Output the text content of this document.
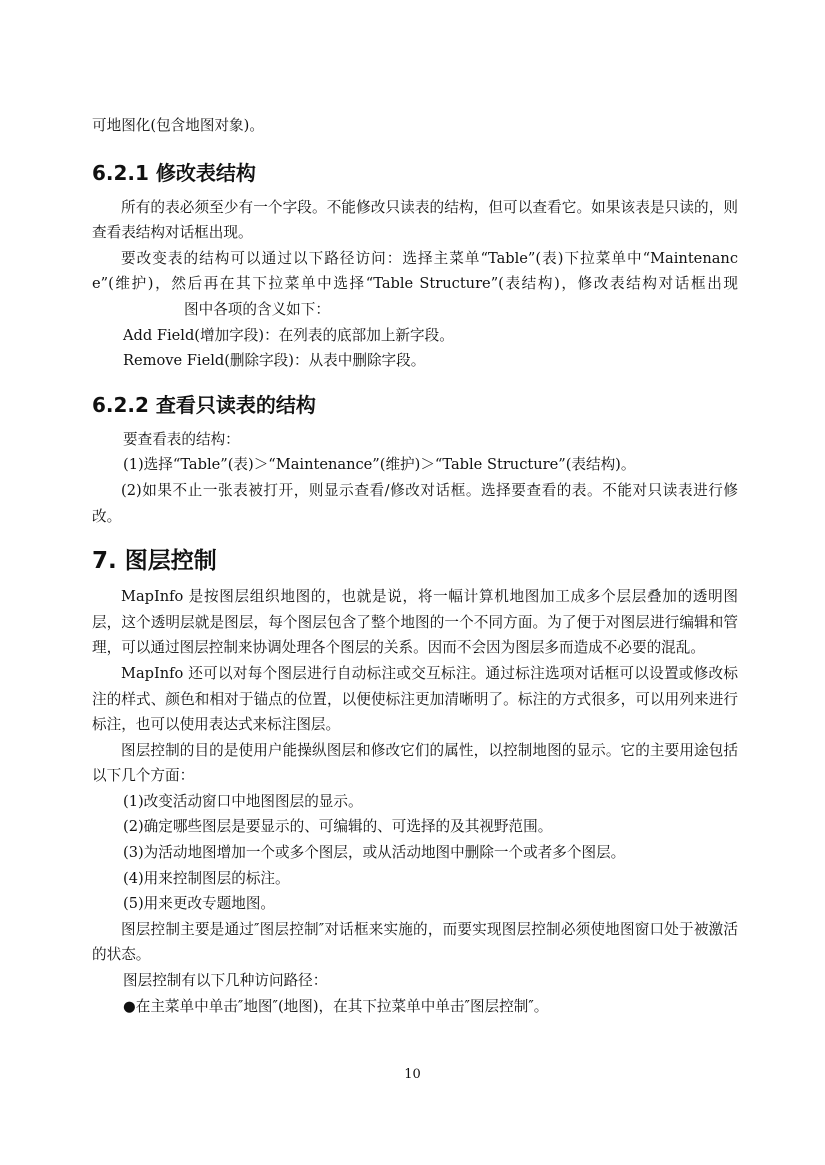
可地图化(包含地图对象)。

6.2.1 修改表结构

所有的表必须至少有一个字段。不能修改只读表的结构，但可以查看它。如果该表是只读的，则查看表结构对话框出现。

要改变表的结构可以通过以下路径访问：选择主菜单“Table”(表)下拉菜单中“Maintenance”(维护)，然后再在其下拉菜单中选择“Table Structure”(表结构)，修改表结构对话框出现图中各项的含义如下：

Add Field(增加字段)：在列表的底部加上新字段。

Remove Field(删除字段)：从表中删除字段。

6.2.2 查看只读表的结构

要查看表的结构：

(1)选择“Table”(表)＞“Maintenance”(维护)＞“Table Structure”(表结构)。

(2)如果不止一张表被打开，则显示查看/修改对话框。选择要查看的表。不能对只读表进行修改。

7. 图层控制

MapInfo 是按图层组织地图的，也就是说，将一幅计算机地图加工成多个层层叠加的透明图层，这个透明层就是图层，每个图层包含了整个地图的一个不同方面。为了便于对图层进行编辑和管理，可以通过图层控制来协调处理各个图层的关系。因而不会因为图层多而造成不必要的混乱。

MapInfo 还可以对每个图层进行自动标注或交互标注。通过标注选项对话框可以设置或修改标注的样式、颜色和相对于锚点的位置，以便使标注更加清晰明了。标注的方式很多，可以用列来进行标注，也可以使用表达式来标注图层。

图层控制的目的是使用户能操纵图层和修改它们的属性，以控制地图的显示。它的主要用途包括以下几个方面：

(1)改变活动窗口中地图图层的显示。

(2)确定哪些图层是要显示的、可编辑的、可选择的及其视野范围。

(3)为活动地图增加一个或多个图层，或从活动地图中删除一个或者多个图层。

(4)用来控制图层的标注。

(5)用来更改专题地图。

图层控制主要是通过″图层控制″对话框来实施的，而要实现图层控制必须使地图窗口处于被激活的状态。

图层控制有以下几种访问路径：

●在主菜单中单击″地图″(地图)，在其下拉菜单中单击″图层控制″。

10
